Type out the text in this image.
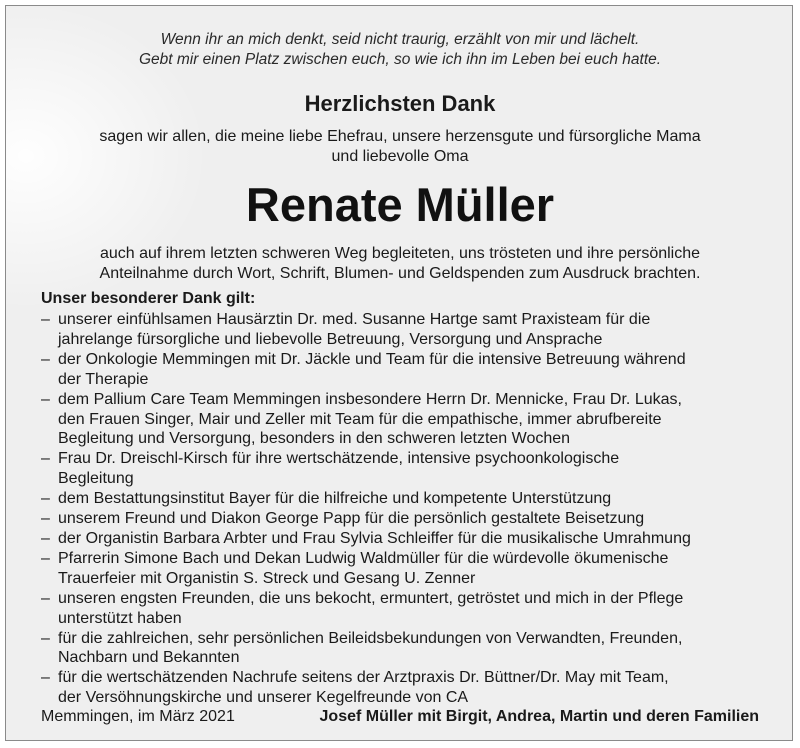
Wenn ihr an mich denkt, seid nicht traurig, erzählt von mir und lächelt.
Gebt mir einen Platz zwischen euch, so wie ich ihn im Leben bei euch hatte.
Herzlichsten Dank
sagen wir allen, die meine liebe Ehefrau, unsere herzensgute und fürsorgliche Mama
und liebevolle Oma
Renate Müller
auch auf ihrem letzten schweren Weg begleiteten, uns trösteten und ihre persönliche
Anteilnahme durch Wort, Schrift, Blumen- und Geldspenden zum Ausdruck brachten.
Unser besonderer Dank gilt:
– unserer einfühlsamen Hausärztin Dr. med. Susanne Hartge samt Praxisteam für die
jahrelange fürsorgliche und liebevolle Betreuung, Versorgung und Ansprache
– der Onkologie Memmingen mit Dr. Jäckle und Team für die intensive Betreuung während
der Therapie
– dem Pallium Care Team Memmingen insbesondere Herrn Dr. Mennicke, Frau Dr. Lukas,
den Frauen Singer, Mair und Zeller mit Team für die empathische, immer abrufbereite
Begleitung und Versorgung, besonders in den schweren letzten Wochen
– Frau Dr. Dreischl-Kirsch für ihre wertschätzende, intensive psychoonkologische
Begleitung
– dem Bestattungsinstitut Bayer für die hilfreiche und kompetente Unterstützung
– unserem Freund und Diakon George Papp für die persönlich gestaltete Beisetzung
– der Organistin Barbara Arbter und Frau Sylvia Schleiffer für die musikalische Umrahmung
– Pfarrerin Simone Bach und Dekan Ludwig Waldmüller für die würdevolle ökumenische
Trauerfeier mit Organistin S. Streck und Gesang U. Zenner
– unseren engsten Freunden, die uns bekocht, ermuntert, getröstet und mich in der Pflege
unterstützt haben
– für die zahlreichen, sehr persönlichen Beileidsbekundungen von Verwandten, Freunden,
Nachbarn und Bekannten
– für die wertschätzenden Nachrufe seitens der Arztpraxis Dr. Büttner/Dr. May mit Team,
der Versöhnungskirche und unserer Kegelfreunde von CA
Memmingen, im März 2021	Josef Müller mit Birgit, Andrea, Martin und deren Familien
